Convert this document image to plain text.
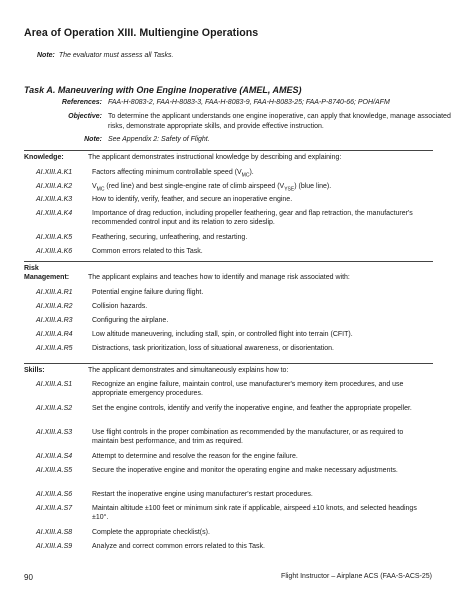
Area of Operation XIII. Multiengine Operations
Note: The evaluator must assess all Tasks.
Task A. Maneuvering with One Engine Inoperative (AMEL, AMES)
References: FAA-H-8083-2, FAA-H-8083-3, FAA-H-8083-9, FAA-H-8083-25; FAA-P-8740-66; POH/AFM
Objective: To determine the applicant understands one engine inoperative, can apply that knowledge, manage associated risks, demonstrate appropriate skills, and provide effective instruction.
Note: See Appendix 2: Safety of Flight.
Knowledge:	The applicant demonstrates instructional knowledge by describing and explaining:
AI.XIII.A.K1	Factors affecting minimum controllable speed $(V_{MC})$.
AI.XIII.A.K2	$V_{MC}$ (red line) and best single-engine rate of climb airspeed $(V_{YSE})$ (blue line).
AI.XIII.A.K3	How to identify, verify, feather, and secure an inoperative engine.
AI.XIII.A.K4	Importance of drag reduction, including propeller feathering, gear and flap retraction, the manufacturer's recommended control input and its relation to zero sideslip.
AI.XIII.A.K5	Feathering, securing, unfeathering, and restarting.
AI.XIII.A.K6	Common errors related to this Task.
Risk
Management:	The applicant explains and teaches how to identify and manage risk associated with:
AI.XIII.A.R1	Potential engine failure during flight.
AI.XIII.A.R2	Collision hazards.
AI.XIII.A.R3	Configuring the airplane.
AI.XIII.A.R4	Low altitude maneuvering, including stall, spin, or controlled flight into terrain (CFIT).
AI.XIII.A.R5	Distractions, task prioritization, loss of situational awareness, or disorientation.
Skills:	The applicant demonstrates and simultaneously explains how to:
AI.XIII.A.S1	Recognize an engine failure, maintain control, use manufacturer's memory item procedures, and use appropriate emergency procedures.
AI.XIII.A.S2	Set the engine controls, identify and verify the inoperative engine, and feather the appropriate propeller.
AI.XIII.A.S3	Use flight controls in the proper combination as recommended by the manufacturer, or as required to maintain best performance, and trim as required.
AI.XIII.A.S4	Attempt to determine and resolve the reason for the engine failure.
AI.XIII.A.S5	Secure the inoperative engine and monitor the operating engine and make necessary adjustments.
AI.XIII.A.S6	Restart the inoperative engine using manufacturer's restart procedures.
AI.XIII.A.S7	Maintain altitude ±100 feet or minimum sink rate if applicable, airspeed ±10 knots, and selected headings ±10°.
AI.XIII.A.S8	Complete the appropriate checklist(s).
AI.XIII.A.S9	Analyze and correct common errors related to this Task.
90	Flight Instructor – Airplane ACS (FAA-S-ACS-25)
